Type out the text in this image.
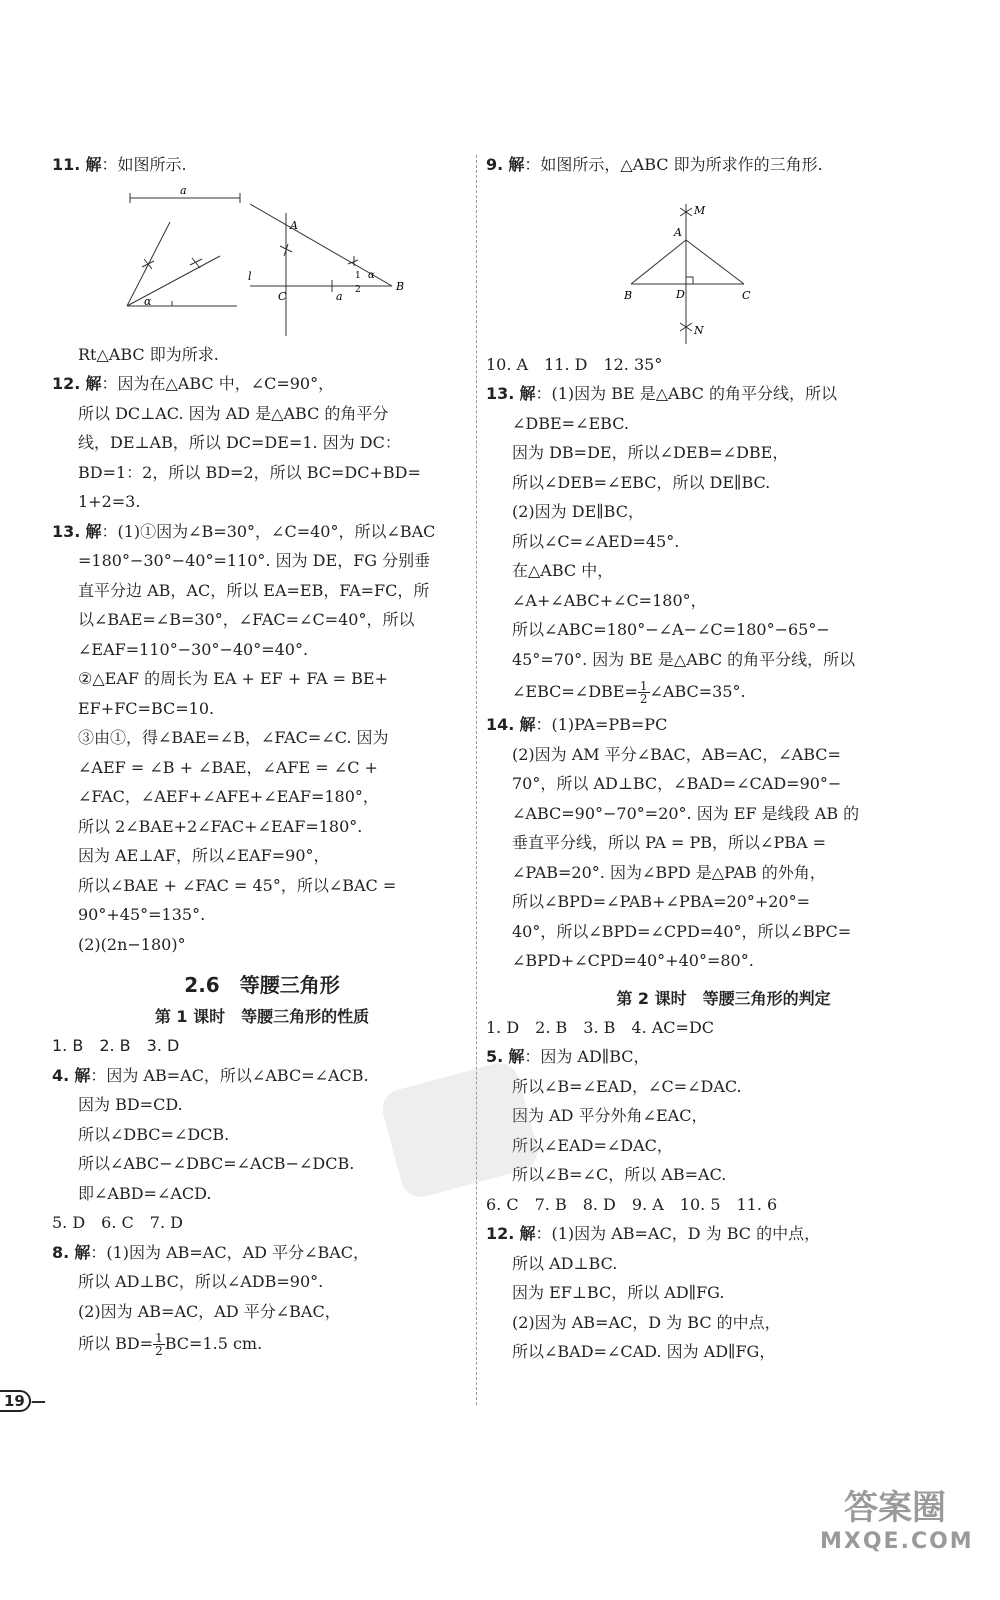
11. 解：如图所示.
a
α
A
l
C	a
1
2
α
B
Rt△ABC 即为所求.
12. 解：因为在△ABC 中，∠C=90°，
所以 DC⊥AC. 因为 AD 是△ABC 的角平分
线，DE⊥AB，所以 DC=DE=1. 因为 DC：
BD=1：2，所以 BD=2，所以 BC=DC+BD=
1+2=3.
13. 解：(1)①因为∠B=30°，∠C=40°，所以∠BAC
=180°−30°−40°=110°. 因为 DE，FG 分别垂
直平分边 AB，AC，所以 EA=EB，FA=FC，所
以∠BAE=∠B=30°，∠FAC=∠C=40°，所以
∠EAF=110°−30°−40°=40°.
②△EAF 的周长为 EA + EF + FA = BE+
EF+FC=BC=10.
③由①，得∠BAE=∠B，∠FAC=∠C. 因为
∠AEF = ∠B + ∠BAE，∠AFE = ∠C +
∠FAC，∠AEF+∠AFE+∠EAF=180°，
所以 2∠BAE+2∠FAC+∠EAF=180°.
因为 AE⊥AF，所以∠EAF=90°，
所以∠BAE + ∠FAC = 45°，所以∠BAC =
90°+45°=135°.
(2)(2n−180)°
2.6　等腰三角形
第 1 课时　等腰三角形的性质
1. B　2. B　3. D
4. 解：因为 AB=AC，所以∠ABC=∠ACB.
因为 BD=CD.
所以∠DBC=∠DCB.
所以∠ABC−∠DBC=∠ACB−∠DCB.
即∠ABD=∠ACD.
5. D　6. C　7. D
8. 解：(1)因为 AB=AC，AD 平分∠BAC，
所以 AD⊥BC，所以∠ADB=90°.
(2)因为 AB=AC，AD 平分∠BAC，
所以 $BD= \frac{1}{2} BC=1.5$ cm.
9. 解：如图所示，△ABC 即为所求作的三角形.
A
M
B	D	C
N
10. A　11. D　12. 35°
13. 解：(1)因为 BE 是△ABC 的角平分线，所以
∠DBE=∠EBC.
因为 DB=DE，所以∠DEB=∠DBE，
所以∠DEB=∠EBC，所以 DE∥BC.
(2)因为 DE∥BC，
所以∠C=∠AED=45°.
在△ABC 中，
∠A+∠ABC+∠C=180°，
所以∠ABC=180°−∠A−∠C=180°−65°−
45°=70°. 因为 BE 是△ABC 的角平分线，所以
∠EBC=∠DBE= $\frac{1}{2}$ ∠ABC=35°.
14. 解：(1)PA=PB=PC
(2)因为 AM 平分∠BAC，AB=AC，∠ABC=
70°，所以 AD⊥BC，∠BAD=∠CAD=90°−
∠ABC=90°−70°=20°. 因为 EF 是线段 AB 的
垂直平分线，所以 PA = PB，所以∠PBA =
∠PAB=20°. 因为∠BPD 是△PAB 的外角，
所以∠BPD=∠PAB+∠PBA=20°+20°=
40°，所以∠BPD=∠CPD=40°，所以∠BPC=
∠BPD+∠CPD=40°+40°=80°.
第 2 课时　等腰三角形的判定
1. D　2. B　3. B　4. AC=DC
5. 解：因为 AD∥BC，
所以∠B=∠EAD，∠C=∠DAC.
因为 AD 平分外角∠EAC，
所以∠EAD=∠DAC，
所以∠B=∠C，所以 AB=AC.
6. C　7. B　8. D　9. A　10. 5　11. 6
12. 解：(1)因为 AB=AC，D 为 BC 的中点，
所以 AD⊥BC.
因为 EF⊥BC，所以 AD∥FG.
(2)因为 AB=AC，D 为 BC 的中点，
所以∠BAD=∠CAD. 因为 AD∥FG，
19 —
答案圈
MXQE.COM
